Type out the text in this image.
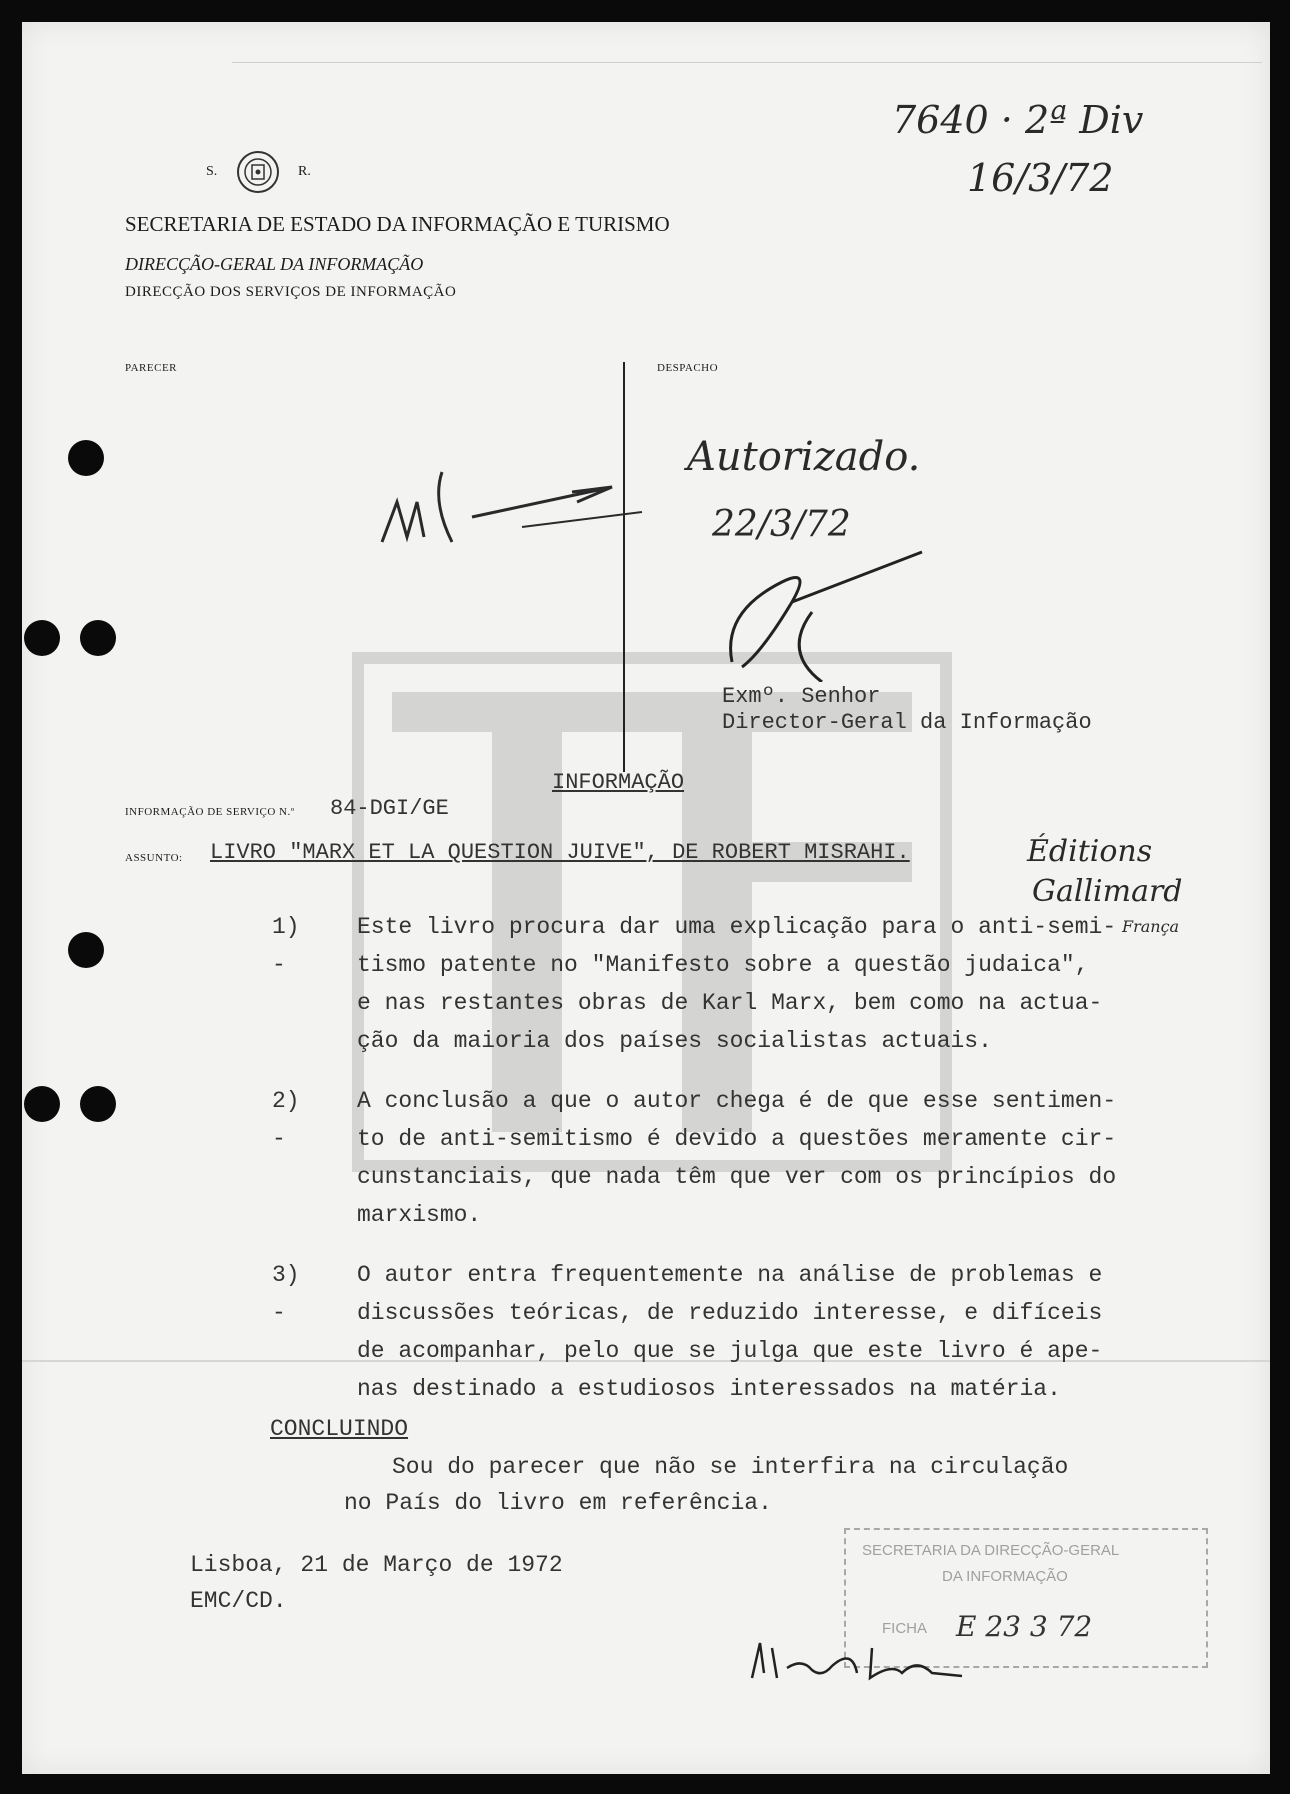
S.	R.
SECRETARIA DE ESTADO DA INFORMAÇÃO E TURISMO
DIRECÇÃO-GERAL DA INFORMAÇÃO
DIRECÇÃO DOS SERVIÇOS DE INFORMAÇÃO
7640 · 2ª Div
16/3/72
PARECER	DESPACHO
Autorizado.
22/3/72
Exmº. Senhor
Director-Geral da Informação
INFORMAÇÃO
INFORMAÇÃO DE SERVIÇO N.º 84-DGI/GE
ASSUNTO: LIVRO "MARX ET LA QUESTION JUIVE", DE ROBERT MISRAHI.	Éditions
Gallimard
França
1) -
Este livro procura dar uma explicação para o anti-semi-
tismo patente no "Manifesto sobre a questão judaica",
e nas restantes obras de Karl Marx, bem como na actua-
ção da maioria dos países socialistas actuais.
2) -
A conclusão a que o autor chega é de que esse sentimen-
to de anti-semitismo é devido a questões meramente cir-
cunstanciais, que nada têm que ver com os princípios do
marxismo.
3) -
O autor entra frequentemente na análise de problemas e
discussões teóricas, de reduzido interesse, e difíceis
de acompanhar, pelo que se julga que este livro é ape-
nas destinado a estudiosos interessados na matéria.
CONCLUINDO
Sou do parecer que não se interfira na circulação
no País do livro em referência.
Lisboa, 21 de Março de 1972
EMC/CD.
SECRETARIA DA DIRECÇÃO-GERAL
DA INFORMAÇÃO
FICHA E 23 3 72
